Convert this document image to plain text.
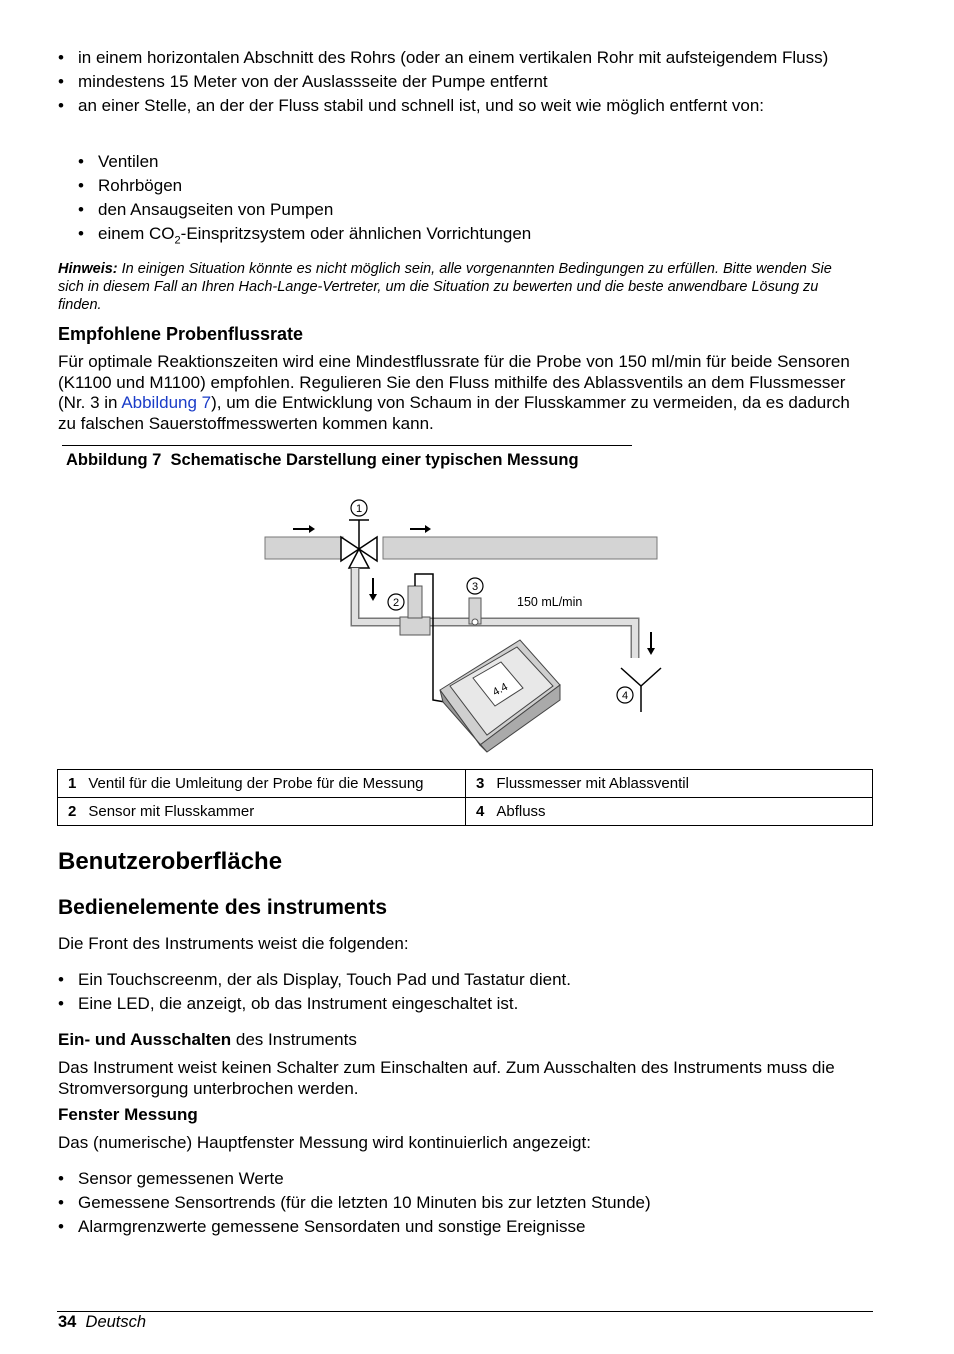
• in einem horizontalen Abschnitt des Rohrs (oder an einem vertikalen Rohr mit aufsteigendem Fluss)
• mindestens 15 Meter von der Auslassseite der Pumpe entfernt
• an einer Stelle, an der der Fluss stabil und schnell ist, und so weit wie möglich entfernt von:
• Ventilen
• Rohrbögen
• den Ansaugseiten von Pumpen
• einem $CO_2$-Einspritzsystem oder ähnlichen Vorrichtungen
Hinweis: In einigen Situation könnte es nicht möglich sein, alle vorgenannten Bedingungen zu erfüllen. Bitte wenden Sie sich in diesem Fall an Ihren Hach-Lange-Vertreter, um die Situation zu bewerten und die beste anwendbare Lösung zu finden.
Empfohlene Probenflussrate
Für optimale Reaktionszeiten wird eine Mindestflussrate für die Probe von 150 ml/min für beide Sensoren (K1100 und M1100) empfohlen. Regulieren Sie den Fluss mithilfe des Ablassventils an dem Flussmesser (Nr. 3 in Abbildung 7), um die Entwicklung von Schaum in der Flusskammer zu vermeiden, da es dadurch zu falschen Sauerstoffmesswerten kommen kann.
Abbildung 7  Schematische Darstellung einer typischen Messung
1
2
3
150 mL/min
4
4.4
1 Ventil für die Umleitung der Probe für die Messung	3 Flussmesser mit Ablassventil
2 Sensor mit Flusskammer	4 Abfluss
Benutzeroberfläche
Bedienelemente des instruments
Die Front des Instruments weist die folgenden:
• Ein Touchscreenm, der als Display, Touch Pad und Tastatur dient.
• Eine LED, die anzeigt, ob das Instrument eingeschaltet ist.
Ein- und Ausschalten des Instruments
Das Instrument weist keinen Schalter zum Einschalten auf. Zum Ausschalten des Instruments muss die Stromversorgung unterbrochen werden.
Fenster Messung
Das (numerische) Hauptfenster Messung wird kontinuierlich angezeigt:
• Sensor gemessenen Werte
• Gemessene Sensortrends (für die letzten 10 Minuten bis zur letzten Stunde)
• Alarmgrenzwerte gemessene Sensordaten und sonstige Ereignisse
34 Deutsch
